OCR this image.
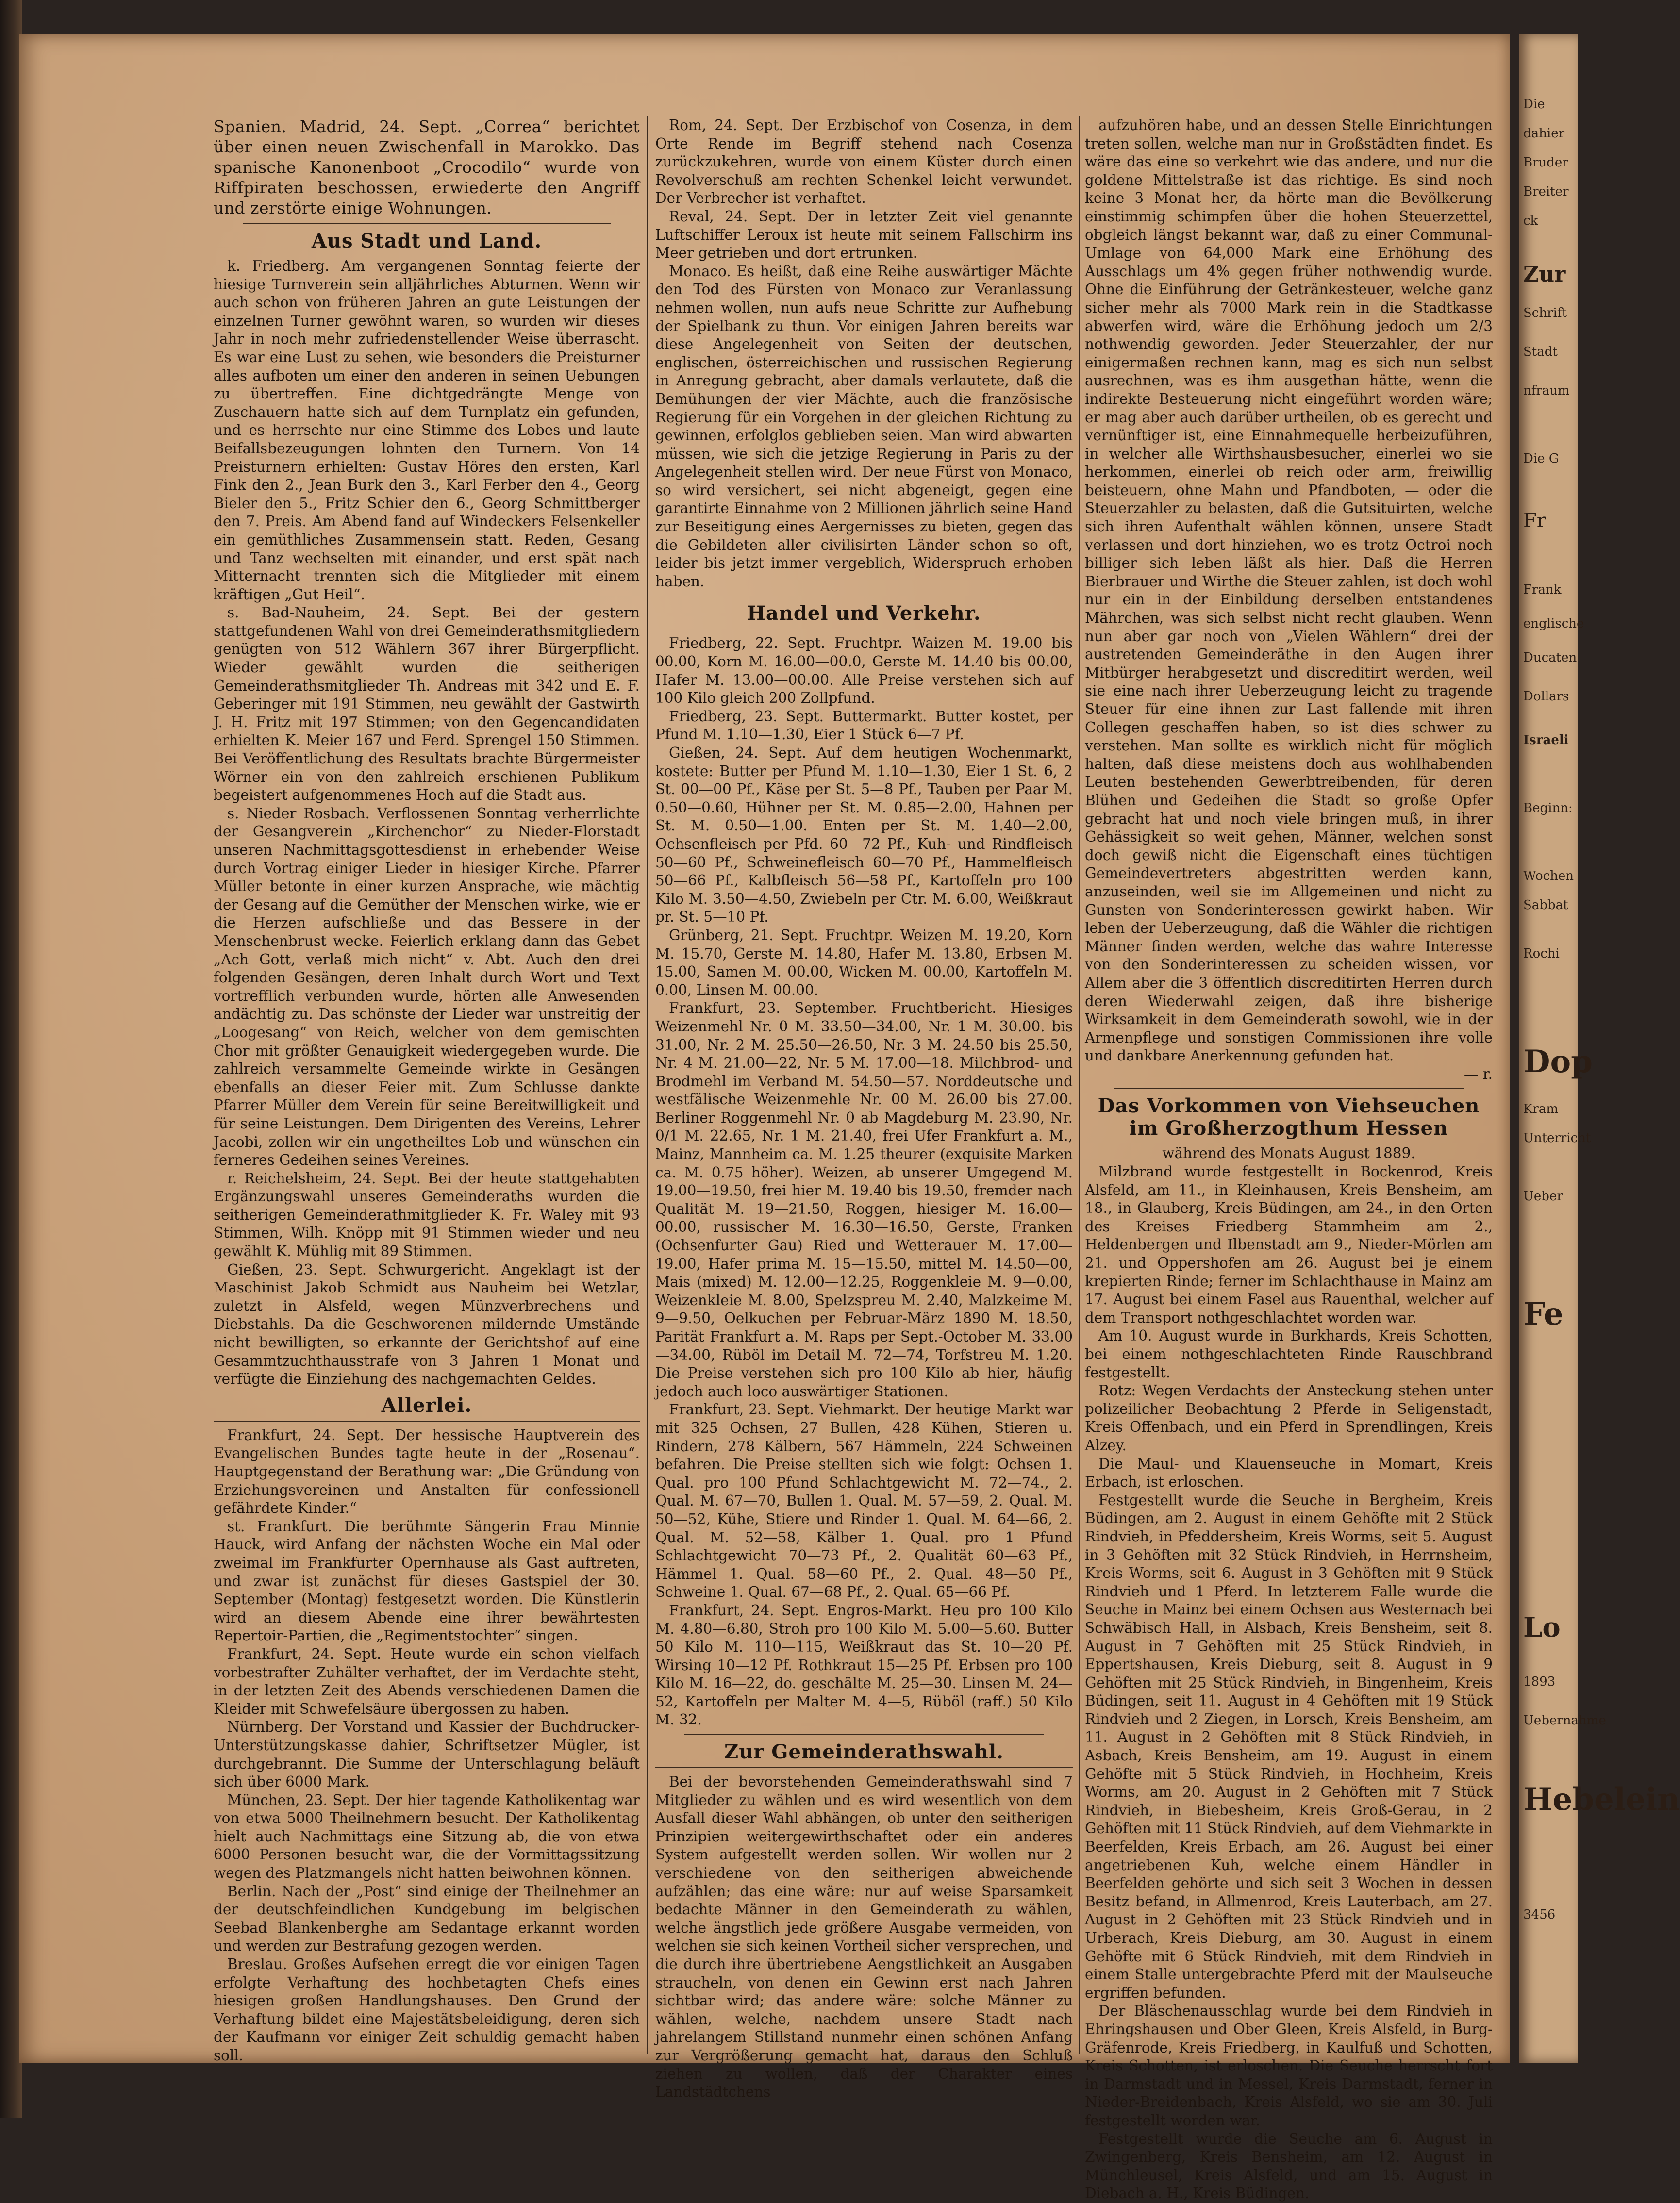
Spanien. Madrid, 24. Sept. „Correa“ berichtet über einen neuen Zwischenfall in Marokko. Das spanische Kanonenboot „Crocodilo“ wurde von Riffpiraten beschossen, erwiederte den Angriff und zerstörte einige Wohnungen.

Aus Stadt und Land.

k. Friedberg. Am vergangenen Sonntag feierte der hiesige Turnverein sein alljährliches Abturnen. Wenn wir auch schon von früheren Jahren an gute Leistungen der einzelnen Turner gewöhnt waren, so wurden wir dieses Jahr in noch mehr zufriedenstellender Weise überrascht. Es war eine Lust zu sehen, wie besonders die Preisturner alles aufboten um einer den anderen in seinen Uebungen zu übertreffen. Eine dichtgedrängte Menge von Zuschauern hatte sich auf dem Turnplatz ein gefunden, und es herrschte nur eine Stimme des Lobes und laute Beifallsbezeugungen lohnten den Turnern. Von 14 Preisturnern erhielten: Gustav Höres den ersten, Karl Fink den 2., Jean Burk den 3., Karl Ferber den 4., Georg Bieler den 5., Fritz Schier den 6., Georg Schmittberger den 7. Preis. Am Abend fand auf Windeckers Felsenkeller ein gemüthliches Zusammensein statt. Reden, Gesang und Tanz wechselten mit einander, und erst spät nach Mitternacht trennten sich die Mitglieder mit einem kräftigen „Gut Heil“.

s. Bad-Nauheim, 24. Sept. Bei der gestern stattgefundenen Wahl von drei Gemeinderathsmitgliedern genügten von 512 Wählern 367 ihrer Bürgerpflicht. Wieder gewählt wurden die seitherigen Gemeinderathsmitglieder Th. Andreas mit 342 und E. F. Geberinger mit 191 Stimmen, neu gewählt der Gastwirth J. H. Fritz mit 197 Stimmen; von den Gegencandidaten erhielten K. Meier 167 und Ferd. Sprengel 150 Stimmen. Bei Veröffentlichung des Resultats brachte Bürgermeister Wörner ein von den zahlreich erschienen Publikum begeistert aufgenommenes Hoch auf die Stadt aus.

s. Nieder Rosbach. Verflossenen Sonntag verherrlichte der Gesangverein „Kirchenchor“ zu Nieder-Florstadt unseren Nachmittagsgottesdienst in erhebender Weise durch Vortrag einiger Lieder in hiesiger Kirche. Pfarrer Müller betonte in einer kurzen Ansprache, wie mächtig der Gesang auf die Gemüther der Menschen wirke, wie er die Herzen aufschließe und das Bessere in der Menschenbrust wecke. Feierlich erklang dann das Gebet „Ach Gott, verlaß mich nicht“ v. Abt. Auch den drei folgenden Gesängen, deren Inhalt durch Wort und Text vortrefflich verbunden wurde, hörten alle Anwesenden andächtig zu. Das schönste der Lieder war unstreitig der „Loogesang“ von Reich, welcher von dem gemischten Chor mit größter Genauigkeit wiedergegeben wurde. Die zahlreich versammelte Gemeinde wirkte in Gesängen ebenfalls an dieser Feier mit. Zum Schlusse dankte Pfarrer Müller dem Verein für seine Bereitwilligkeit und für seine Leistungen. Dem Dirigenten des Vereins, Lehrer Jacobi, zollen wir ein ungetheiltes Lob und wünschen ein ferneres Gedeihen seines Vereines.

r. Reichelsheim, 24. Sept. Bei der heute stattgehabten Ergänzungswahl unseres Gemeinderaths wurden die seitherigen Gemeinderathmitglieder K. Fr. Waley mit 93 Stimmen, Wilh. Knöpp mit 91 Stimmen wieder und neu gewählt K. Mühlig mit 89 Stimmen.

Gießen, 23. Sept. Schwurgericht. Angeklagt ist der Maschinist Jakob Schmidt aus Nauheim bei Wetzlar, zuletzt in Alsfeld, wegen Münzverbrechens und Diebstahls. Da die Geschworenen mildernde Umstände nicht bewilligten, so erkannte der Gerichtshof auf eine Gesammtzuchthausstrafe von 3 Jahren 1 Monat und verfügte die Einziehung des nachgemachten Geldes.

Allerlei.

Frankfurt, 24. Sept. Der hessische Hauptverein des Evangelischen Bundes tagte heute in der „Rosenau“. Hauptgegenstand der Berathung war: „Die Gründung von Erziehungsvereinen und Anstalten für confessionell gefährdete Kinder.“

st. Frankfurt. Die berühmte Sängerin Frau Minnie Hauck, wird Anfang der nächsten Woche ein Mal oder zweimal im Frankfurter Opernhause als Gast auftreten, und zwar ist zunächst für dieses Gastspiel der 30. September (Montag) festgesetzt worden. Die Künstlerin wird an diesem Abende eine ihrer bewährtesten Repertoir-Partien, die „Regimentstochter“ singen.

Frankfurt, 24. Sept. Heute wurde ein schon vielfach vorbestrafter Zuhälter verhaftet, der im Verdachte steht, in der letzten Zeit des Abends verschiedenen Damen die Kleider mit Schwefelsäure übergossen zu haben.

Nürnberg. Der Vorstand und Kassier der Buchdrucker-Unterstützungskasse dahier, Schriftsetzer Mügler, ist durchgebrannt. Die Summe der Unterschlagung beläuft sich über 6000 Mark.

München, 23. Sept. Der hier tagende Katholikentag war von etwa 5000 Theilnehmern besucht. Der Katholikentag hielt auch Nachmittags eine Sitzung ab, die von etwa 6000 Personen besucht war, die der Vormittagssitzung wegen des Platzmangels nicht hatten beiwohnen können.

Berlin. Nach der „Post“ sind einige der Theilnehmer an der deutschfeindlichen Kundgebung im belgischen Seebad Blankenberghe am Sedantage erkannt worden und werden zur Bestrafung gezogen werden.

Breslau. Großes Aufsehen erregt die vor einigen Tagen erfolgte Verhaftung des hochbetagten Chefs eines hiesigen großen Handlungshauses. Den Grund der Verhaftung bildet eine Majestätsbeleidigung, deren sich der Kaufmann vor einiger Zeit schuldig gemacht haben soll.

Rom, 24. Sept. Der Erzbischof von Cosenza, in dem Orte Rende im Begriff stehend nach Cosenza zurückzukehren, wurde von einem Küster durch einen Revolverschuß am rechten Schenkel leicht verwundet. Der Verbrecher ist verhaftet.

Reval, 24. Sept. Der in letzter Zeit viel genannte Luftschiffer Leroux ist heute mit seinem Fallschirm ins Meer getrieben und dort ertrunken.

Monaco. Es heißt, daß eine Reihe auswärtiger Mächte den Tod des Fürsten von Monaco zur Veranlassung nehmen wollen, nun aufs neue Schritte zur Aufhebung der Spielbank zu thun. Vor einigen Jahren bereits war diese Angelegenheit von Seiten der deutschen, englischen, österreichischen und russischen Regierung in Anregung gebracht, aber damals verlautete, daß die Bemühungen der vier Mächte, auch die französische Regierung für ein Vorgehen in der gleichen Richtung zu gewinnen, erfolglos geblieben seien. Man wird abwarten müssen, wie sich die jetzige Regierung in Paris zu der Angelegenheit stellen wird. Der neue Fürst von Monaco, so wird versichert, sei nicht abgeneigt, gegen eine garantirte Einnahme von 2 Millionen jährlich seine Hand zur Beseitigung eines Aergernisses zu bieten, gegen das die Gebildeten aller civilisirten Länder schon so oft, leider bis jetzt immer vergeblich, Widerspruch erhoben haben.

Handel und Verkehr.

Friedberg, 22. Sept. Fruchtpr. Waizen M. 19.00 bis 00.00, Korn M. 16.00—00.0, Gerste M. 14.40 bis 00.00, Hafer M. 13.00—00.00. Alle Preise verstehen sich auf 100 Kilo gleich 200 Zollpfund.

Friedberg, 23. Sept. Buttermarkt. Butter kostet, per Pfund M. 1.10—1.30, Eier 1 Stück 6—7 Pf.

Gießen, 24. Sept. Auf dem heutigen Wochenmarkt, kostete: Butter per Pfund M. 1.10—1.30, Eier 1 St. 6, 2 St. 00—00 Pf., Käse per St. 5—8 Pf., Tauben per Paar M. 0.50—0.60, Hühner per St. M. 0.85—2.00, Hahnen per St. M. 0.50—1.00. Enten per St. M. 1.40—2.00, Ochsenfleisch per Pfd. 60—72 Pf., Kuh- und Rindfleisch 50—60 Pf., Schweinefleisch 60—70 Pf., Hammelfleisch 50—66 Pf., Kalbfleisch 56—58 Pf., Kartoffeln pro 100 Kilo M. 3.50—4.50, Zwiebeln per Ctr. M. 6.00, Weißkraut pr. St. 5—10 Pf.

Grünberg, 21. Sept. Fruchtpr. Weizen M. 19.20, Korn M. 15.70, Gerste M. 14.80, Hafer M. 13.80, Erbsen M. 15.00, Samen M. 00.00, Wicken M. 00.00, Kartoffeln M. 0.00, Linsen M. 00.00.

Frankfurt, 23. September. Fruchtbericht. Hiesiges Weizenmehl Nr. 0 M. 33.50—34.00, Nr. 1 M. 30.00. bis 31.00, Nr. 2 M. 25.50—26.50, Nr. 3 M. 24.50 bis 25.50, Nr. 4 M. 21.00—22, Nr. 5 M. 17.00—18. Milchbrod- und Brodmehl im Verband M. 54.50—57. Norddeutsche und westfälische Weizenmehle Nr. 00 M. 26.00 bis 27.00. Berliner Roggenmehl Nr. 0 ab Magdeburg M. 23.90, Nr. 0/1 M. 22.65, Nr. 1 M. 21.40, frei Ufer Frankfurt a. M., Mainz, Mannheim ca. M. 1.25 theurer (exquisite Marken ca. M. 0.75 höher). Weizen, ab unserer Umgegend M. 19.00—19.50, frei hier M. 19.40 bis 19.50, fremder nach Qualität M. 19—21.50, Roggen, hiesiger M. 16.00—00.00, russischer M. 16.30—16.50, Gerste, Franken (Ochsenfurter Gau) Ried und Wetterauer M. 17.00—19.00, Hafer prima M. 15—15.50, mittel M. 14.50—00, Mais (mixed) M. 12.00—12.25, Roggenkleie M. 9—0.00, Weizenkleie M. 8.00, Spelzspreu M. 2.40, Malzkeime M. 9—9.50, Oelkuchen per Februar-März 1890 M. 18.50, Parität Frankfurt a. M. Raps per Sept.-October M. 33.00—34.00, Rüböl im Detail M. 72—74, Torfstreu M. 1.20. Die Preise verstehen sich pro 100 Kilo ab hier, häufig jedoch auch loco auswärtiger Stationen.

Frankfurt, 23. Sept. Viehmarkt. Der heutige Markt war mit 325 Ochsen, 27 Bullen, 428 Kühen, Stieren u. Rindern, 278 Kälbern, 567 Hämmeln, 224 Schweinen befahren. Die Preise stellten sich wie folgt: Ochsen 1. Qual. pro 100 Pfund Schlachtgewicht M. 72—74., 2. Qual. M. 67—70, Bullen 1. Qual. M. 57—59, 2. Qual. M. 50—52, Kühe, Stiere und Rinder 1. Qual. M. 64—66, 2. Qual. M. 52—58, Kälber 1. Qual. pro 1 Pfund Schlachtgewicht 70—73 Pf., 2. Qualität 60—63 Pf., Hämmel 1. Qual. 58—60 Pf., 2. Qual. 48—50 Pf., Schweine 1. Qual. 67—68 Pf., 2. Qual. 65—66 Pf.

Frankfurt, 24. Sept. Engros-Markt. Heu pro 100 Kilo M. 4.80—6.80, Stroh pro 100 Kilo M. 5.00—5.60. Butter 50 Kilo M. 110—115, Weißkraut das St. 10—20 Pf. Wirsing 10—12 Pf. Rothkraut 15—25 Pf. Erbsen pro 100 Kilo M. 16—22, do. geschälte M. 25—30. Linsen M. 24—52, Kartoffeln per Malter M. 4—5, Rüböl (raff.) 50 Kilo M. 32.

Zur Gemeinderathswahl.

Bei der bevorstehenden Gemeinderathswahl sind 7 Mitglieder zu wählen und es wird wesentlich von dem Ausfall dieser Wahl abhängen, ob unter den seitherigen Prinzipien weitergewirthschaftet oder ein anderes System aufgestellt werden sollen. Wir wollen nur 2 verschiedene von den seitherigen abweichende aufzählen; das eine wäre: nur auf weise Sparsamkeit bedachte Männer in den Gemeinderath zu wählen, welche ängstlich jede größere Ausgabe vermeiden, von welchen sie sich keinen Vortheil sicher versprechen, und die durch ihre übertriebene Aengstlichkeit an Ausgaben straucheln, von denen ein Gewinn erst nach Jahren sichtbar wird; das andere wäre: solche Männer zu wählen, welche, nachdem unsere Stadt nach jahrelangem Stillstand nunmehr einen schönen Anfang zur Vergrößerung gemacht hat, daraus den Schluß ziehen zu wollen, daß der Charakter eines Landstädtchens

aufzuhören habe, und an dessen Stelle Einrichtungen treten sollen, welche man nur in Großstädten findet. Es wäre das eine so verkehrt wie das andere, und nur die goldene Mittelstraße ist das richtige. Es sind noch keine 3 Monat her, da hörte man die Bevölkerung einstimmig schimpfen über die hohen Steuerzettel, obgleich längst bekannt war, daß zu einer Communal-Umlage von 64,000 Mark eine Erhöhung des Ausschlags um 4% gegen früher nothwendig wurde. Ohne die Einführung der Getränkesteuer, welche ganz sicher mehr als 7000 Mark rein in die Stadtkasse abwerfen wird, wäre die Erhöhung jedoch um 2/3 nothwendig geworden. Jeder Steuerzahler, der nur einigermaßen rechnen kann, mag es sich nun selbst ausrechnen, was es ihm ausgethan hätte, wenn die indirekte Besteuerung nicht eingeführt worden wäre; er mag aber auch darüber urtheilen, ob es gerecht und vernünftiger ist, eine Einnahmequelle herbeizuführen, in welcher alle Wirthshausbesucher, einerlei wo sie herkommen, einerlei ob reich oder arm, freiwillig beisteuern, ohne Mahn und Pfandboten, — oder die Steuerzahler zu belasten, daß die Gutsituirten, welche sich ihren Aufenthalt wählen können, unsere Stadt verlassen und dort hinziehen, wo es trotz Octroi noch billiger sich leben läßt als hier. Daß die Herren Bierbrauer und Wirthe die Steuer zahlen, ist doch wohl nur ein in der Einbildung derselben entstandenes Mährchen, was sich selbst nicht recht glauben. Wenn nun aber gar noch von „Vielen Wählern“ drei der austretenden Gemeinderäthe in den Augen ihrer Mitbürger herabgesetzt und discreditirt werden, weil sie eine nach ihrer Ueberzeugung leicht zu tragende Steuer für eine ihnen zur Last fallende mit ihren Collegen geschaffen haben, so ist dies schwer zu verstehen. Man sollte es wirklich nicht für möglich halten, daß diese meistens doch aus wohlhabenden Leuten bestehenden Gewerbtreibenden, für deren Blühen und Gedeihen die Stadt so große Opfer gebracht hat und noch viele bringen muß, in ihrer Gehässigkeit so weit gehen, Männer, welchen sonst doch gewiß nicht die Eigenschaft eines tüchtigen Gemeindevertreters abgestritten werden kann, anzuseinden, weil sie im Allgemeinen und nicht zu Gunsten von Sonderinteressen gewirkt haben. Wir leben der Ueberzeugung, daß die Wähler die richtigen Männer finden werden, welche das wahre Interesse von den Sonderinteressen zu scheiden wissen, vor Allem aber die 3 öffentlich discreditirten Herren durch deren Wiederwahl zeigen, daß ihre bisherige Wirksamkeit in dem Gemeinderath sowohl, wie in der Armenpflege und sonstigen Commissionen ihre volle und dankbare Anerkennung gefunden hat.

— r.

Das Vorkommen von Viehseuchen im Großherzogthum Hessen

während des Monats August 1889.

Milzbrand wurde festgestellt in Bockenrod, Kreis Alsfeld, am 11., in Kleinhausen, Kreis Bensheim, am 18., in Glauberg, Kreis Büdingen, am 24., in den Orten des Kreises Friedberg Stammheim am 2., Heldenbergen und Ilbenstadt am 9., Nieder-Mörlen am 21. und Oppershofen am 26. August bei je einem krepierten Rinde; ferner im Schlachthause in Mainz am 17. August bei einem Fasel aus Rauenthal, welcher auf dem Transport nothgeschlachtet worden war.

Am 10. August wurde in Burkhards, Kreis Schotten, bei einem nothgeschlachteten Rinde Rauschbrand festgestellt.

Rotz: Wegen Verdachts der Ansteckung stehen unter polizeilicher Beobachtung 2 Pferde in Seligenstadt, Kreis Offenbach, und ein Pferd in Sprendlingen, Kreis Alzey.

Die Maul- und Klauenseuche in Momart, Kreis Erbach, ist erloschen.

Festgestellt wurde die Seuche in Bergheim, Kreis Büdingen, am 2. August in einem Gehöfte mit 2 Stück Rindvieh, in Pfeddersheim, Kreis Worms, seit 5. August in 3 Gehöften mit 32 Stück Rindvieh, in Herrnsheim, Kreis Worms, seit 6. August in 3 Gehöften mit 9 Stück Rindvieh und 1 Pferd. In letzterem Falle wurde die Seuche in Mainz bei einem Ochsen aus Westernach bei Schwäbisch Hall, in Alsbach, Kreis Bensheim, seit 8. August in 7 Gehöften mit 25 Stück Rindvieh, in Eppertshausen, Kreis Dieburg, seit 8. August in 9 Gehöften mit 25 Stück Rindvieh, in Bingenheim, Kreis Büdingen, seit 11. August in 4 Gehöften mit 19 Stück Rindvieh und 2 Ziegen, in Lorsch, Kreis Bensheim, am 11. August in 2 Gehöften mit 8 Stück Rindvieh, in Asbach, Kreis Bensheim, am 19. August in einem Gehöfte mit 5 Stück Rindvieh, in Hochheim, Kreis Worms, am 20. August in 2 Gehöften mit 7 Stück Rindvieh, in Biebesheim, Kreis Groß-Gerau, in 2 Gehöften mit 11 Stück Rindvieh, auf dem Viehmarkte in Beerfelden, Kreis Erbach, am 26. August bei einer angetriebenen Kuh, welche einem Händler in Beerfelden gehörte und sich seit 3 Wochen in dessen Besitz befand, in Allmenrod, Kreis Lauterbach, am 27. August in 2 Gehöften mit 23 Stück Rindvieh und in Urberach, Kreis Dieburg, am 30. August in einem Gehöfte mit 6 Stück Rindvieh, mit dem Rindvieh in einem Stalle untergebrachte Pferd mit der Maulseuche ergriffen befunden.

Der Bläschenausschlag wurde bei dem Rindvieh in Ehringshausen und Ober Gleen, Kreis Alsfeld, in Burg-Gräfenrode, Kreis Friedberg, in Kaulfuß und Schotten, Kreis Schotten, ist erloschen. Die Seuche herrscht fort in Darmstadt und in Messel, Kreis Darmstadt, ferner in Nieder-Breidenbach, Kreis Alsfeld, wo sie am 30. Juli festgestellt worden war.

Festgestellt wurde die Seuche am 6. August in Zwingenberg, Kreis Bensheim, am 12. August in Münchleusel, Kreis Alsfeld, und am 15. August in Diebach a. H., Kreis Büdingen.

Die
dahier
Bruder
Breiter
ck
Zur
Schrift
Stadt
nfraum
Die G
Fr
Frank
englische
Ducaten
Dollars
Israeli
Beginn:
Wochen
Sabbat
Rochi
Dop
Kram
Unterricht
Ueber
Fe
Lo
1893
Uebernahme
Hebelein
3456
